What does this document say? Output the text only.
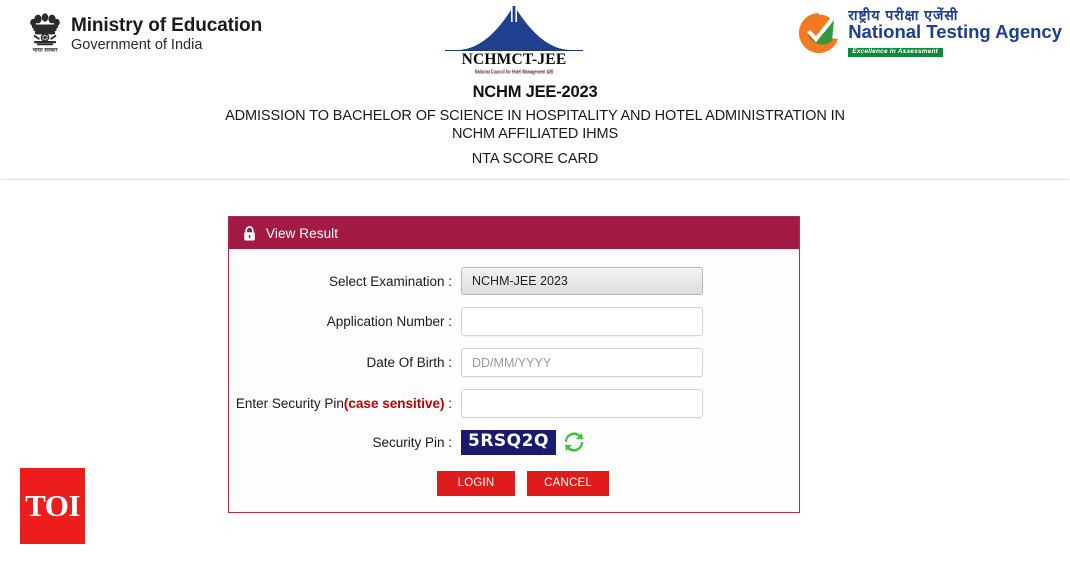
भारत सरकार
Ministry of Education
Government of India
NCHMCT-JEE
National Council for Hotel Management &IB
राष्ट्रीय परीक्षा एजेंसी
National Testing Agency
Excellence in Assessment
NCHM JEE-2023
ADMISSION TO BACHELOR OF SCIENCE IN HOSPITALITY AND HOTEL ADMINISTRATION IN
NCHM AFFILIATED IHMS
NTA SCORE CARD
View Result
Select Examination :	NCHM-JEE 2023
Application Number :
Date Of Birth :	DD/MM/YYYY
Enter Security Pin(case sensitive) :
Security Pin : 5RSQ2Q
LOGIN	CANCEL
TOI
